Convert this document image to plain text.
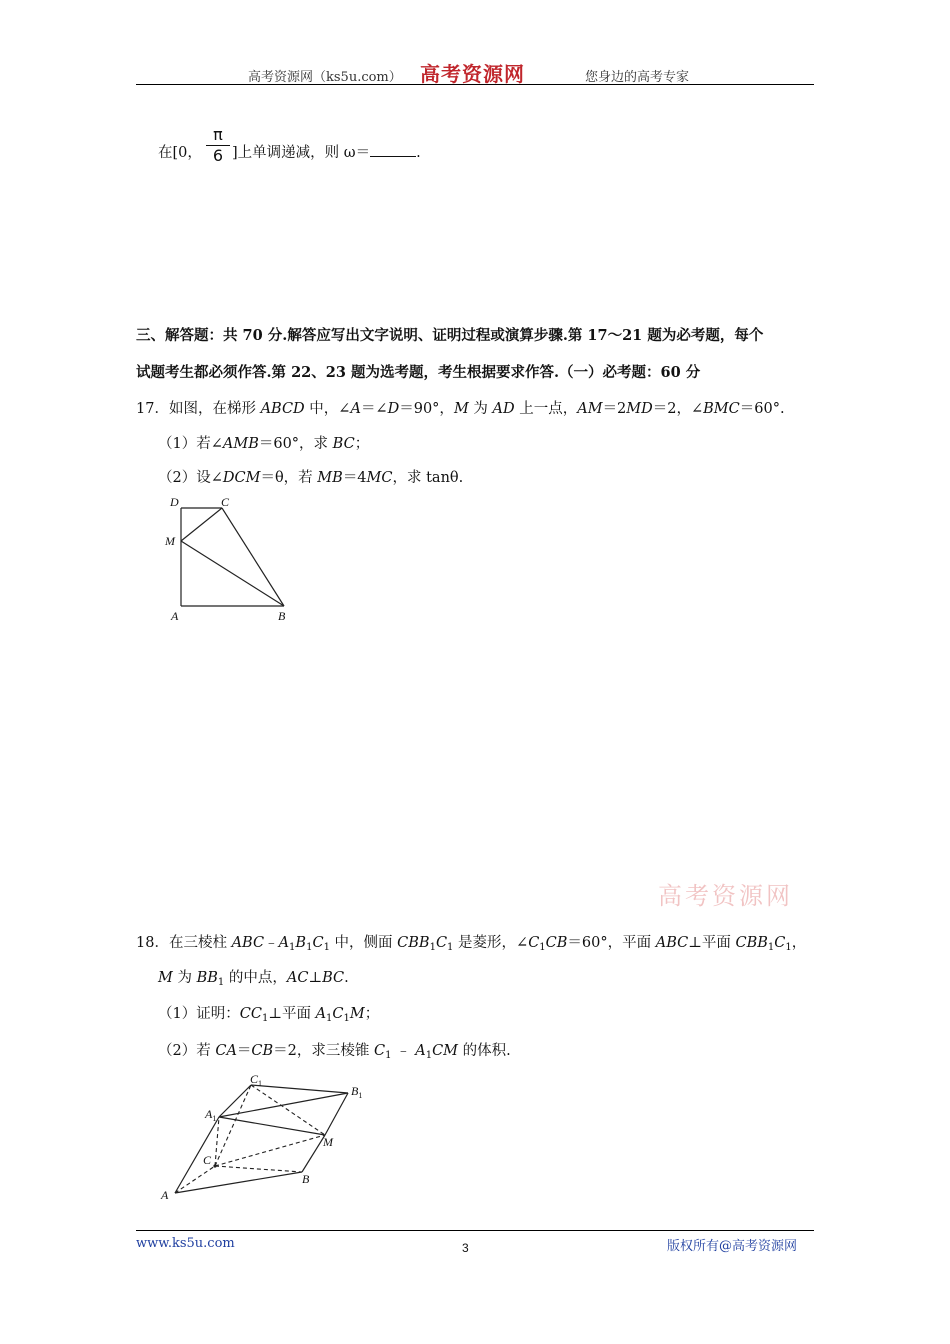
高考资源网（ks5u.com） 高考资源网	您身边的高考专家
在[0，
π
6 ]上单调递减，则 ω＝	.
三、解答题：共 70 分.解答应写出文字说明、证明过程或演算步骤.第 17～21 题为必考题，每个
试题考生都必须作答.第 22、23 题为选考题，考生根据要求作答.（一）必考题：60 分
17．如图，在梯形 ABCD 中，∠A＝∠D＝90°，M 为 AD 上一点，AM＝2MD＝2，∠BMC＝60°.
（1）若∠AMB＝60°，求 BC；
（2）设∠DCM＝θ，若 MB＝4MC，求 tanθ.
D	C
M
A	B
高考资源网
18．在三棱柱 $ABC﹣A_1B_1C_1$ 中，侧面 $CBB_1C_1$ 是菱形，$\angle C_1CB=60^\circ$，平面 ABC⊥平面 $CBB_1C_1$，
M 为 $BB_1$ 的中点，AC⊥BC.
（1）证明：$CC_1\perp$平面 $A_1C_1M$；
（2）若 CA＝CB＝2，求三棱锥 $C_1$ ﹣ $A_1CM$ 的体积.
$C_1$
$B_1$
$A_1$
M
C
B
A
www.ks5u.com	3	版权所有@高考资源网
